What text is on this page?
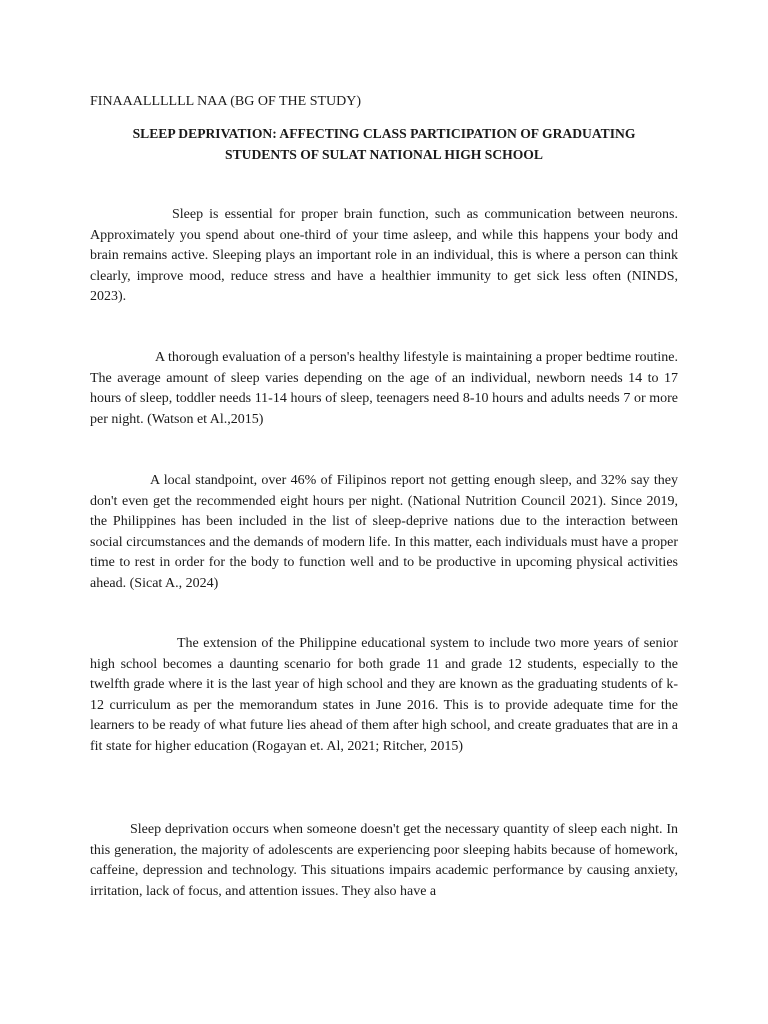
FINAAALLLLLL NAA (BG OF THE STUDY)
SLEEP DEPRIVATION: AFFECTING CLASS PARTICIPATION OF GRADUATING
STUDENTS OF SULAT NATIONAL HIGH SCHOOL

Sleep is essential for proper brain function, such as communication between neurons. Approximately you spend about one-third of your time asleep, and while this happens your body and brain remains active. Sleeping plays an important role in an individual, this is where a person can think clearly, improve mood, reduce stress and have a healthier immunity to get sick less often (NINDS, 2023).

A thorough evaluation of a person's healthy lifestyle is maintaining a proper bedtime routine. The average amount of sleep varies depending on the age of an individual, newborn needs 14 to 17 hours of sleep, toddler needs 11-14 hours of sleep, teenagers need 8-10 hours and adults needs 7 or more per night. (Watson et Al.,2015)

A local standpoint, over 46% of Filipinos report not getting enough sleep, and 32% say they don't even get the recommended eight hours per night. (National Nutrition Council 2021). Since 2019, the Philippines has been included in the list of sleep-deprive nations due to the interaction between social circumstances and the demands of modern life. In this matter, each individuals must have a proper time to rest in order for the body to function well and to be productive in upcoming physical activities ahead. (Sicat A., 2024)

The extension of the Philippine educational system to include two more years of senior high school becomes a daunting scenario for both grade 11 and grade 12 students, especially to the twelfth grade where it is the last year of high school and they are known as the graduating students of k-12 curriculum as per the memorandum states in June 2016. This is to provide adequate time for the learners to be ready of what future lies ahead of them after high school, and create graduates that are in a fit state for higher education (Rogayan et. Al, 2021; Ritcher, 2015)

Sleep deprivation occurs when someone doesn't get the necessary quantity of sleep each night. In this generation, the majority of adolescents are experiencing poor sleeping habits because of homework, caffeine, depression and technology. This situations impairs academic performance by causing anxiety, irritation, lack of focus, and attention issues. They also have a
